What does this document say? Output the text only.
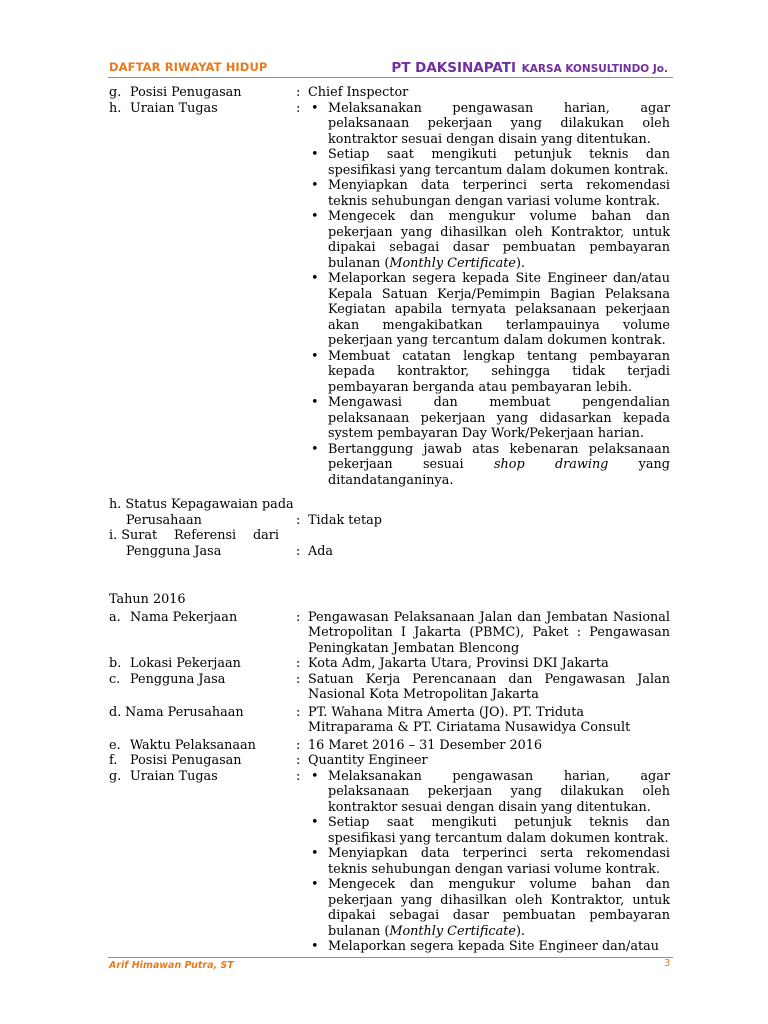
DAFTAR RIWAYAT HIDUP	PT DAKSINAPATI KARSA KONSULTINDO Jo.
g. Posisi Penugasan	: Chief Inspector
h. Uraian Tugas	: • Melaksanakan pengawasan harian, agar pelaksanaan pekerjaan yang dilakukan oleh kontraktor sesuai dengan disain yang ditentukan.
• Setiap saat mengikuti petunjuk teknis dan spesifikasi yang tercantum dalam dokumen kontrak.
• Menyiapkan data terperinci serta rekomendasi teknis sehubungan dengan variasi volume kontrak.
• Mengecek dan mengukur volume bahan dan pekerjaan yang dihasilkan oleh Kontraktor, untuk dipakai sebagai dasar pembuatan pembayaran bulanan (Monthly Certificate).
• Melaporkan segera kepada Site Engineer dan/atau Kepala Satuan Kerja/Pemimpin Bagian Pelaksana Kegiatan apabila ternyata pelaksanaan pekerjaan akan mengakibatkan terlampauinya volume pekerjaan yang tercantum dalam dokumen kontrak.
• Membuat catatan lengkap tentang pembayaran kepada kontraktor, sehingga tidak terjadi pembayaran berganda atau pembayaran lebih.
• Mengawasi dan membuat pengendalian pelaksanaan pekerjaan yang didasarkan kepada system pembayaran Day Work/Pekerjaan harian.
• Bertanggung jawab atas kebenaran pelaksanaan pekerjaan sesuai shop drawing yang ditandatanganinya.
h. Status Kepagawaian pada
Perusahaan	: Tidak tetap
i. Surat Referensi dari
Pengguna Jasa	: Ada
Tahun 2016
a. Nama Pekerjaan	: Pengawasan Pelaksanaan Jalan dan Jembatan Nasional Metropolitan I Jakarta (PBMC), Paket : Pengawasan Peningkatan Jembatan Blencong
b. Lokasi Pekerjaan	: Kota Adm, Jakarta Utara, Provinsi DKI Jakarta
c. Pengguna Jasa	: Satuan Kerja Perencanaan dan Pengawasan Jalan Nasional Kota Metropolitan Jakarta
d. Nama Perusahaan	: PT. Wahana Mitra Amerta (JO). PT. Triduta Mitraparama & PT. Ciriatama Nusawidya Consult
e. Waktu Pelaksanaan	: 16 Maret 2016 – 31 Desember 2016
f. Posisi Penugasan	: Quantity Engineer
g. Uraian Tugas	: • Melaksanakan pengawasan harian, agar pelaksanaan pekerjaan yang dilakukan oleh kontraktor sesuai dengan disain yang ditentukan.
• Setiap saat mengikuti petunjuk teknis dan spesifikasi yang tercantum dalam dokumen kontrak.
• Menyiapkan data terperinci serta rekomendasi teknis sehubungan dengan variasi volume kontrak.
• Mengecek dan mengukur volume bahan dan pekerjaan yang dihasilkan oleh Kontraktor, untuk dipakai sebagai dasar pembuatan pembayaran bulanan (Monthly Certificate).
• Melaporkan segera kepada Site Engineer dan/atau
Arif Himawan Putra, ST	3
